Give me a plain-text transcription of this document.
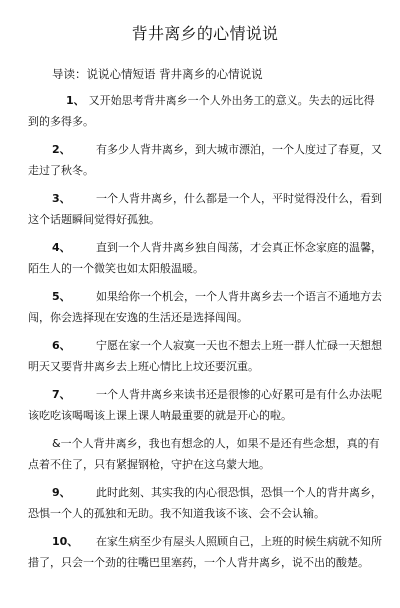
背井离乡的心情说说
导读：说说心情短语 背井离乡的心情说说
1、 又开始思考背井离乡一个人外出务工的意义。失去的远比得到的多得多。
2、 有多少人背井离乡，到大城市漂泊，一个人度过了春夏，又走过了秋冬。
3、 一个人背井离乡，什么都是一个人，平时觉得没什么，看到这个话题瞬间觉得好孤独。
4、 直到一个人背井离乡独自闯荡，才会真正怀念家庭的温馨，陌生人的一个微笑也如太阳般温暖。
5、 如果给你一个机会，一个人背井离乡去一个语言不通地方去闯，你会选择现在安逸的生活还是选择闯闯。
6、 宁愿在家一个人寂寞一天也不想去上班一群人忙碌一天想想明天又要背井离乡去上班心情比上坟还要沉重。
7、 一个人背井离乡来读书还是很惨的心好累可是有什么办法呢该吃吃该喝喝该上课上课人呐最重要的就是开心的啦。
&一个人背井离乡，我也有想念的人，如果不是还有些念想，真的有点着不住了，只有紧握钢枪，守护在这乌蒙大地。
9、 此时此刻、其实我的内心很恐惧，恐惧一个人的背井离乡，恐惧一个人的孤独和无助。我不知道我该不该、会不会认输。
10、 在家生病至少有屋头人照顾自己，上班的时候生病就不知所措了，只会一个劲的往嘴巴里塞药，一个人背井离乡，说不出的酸楚。
